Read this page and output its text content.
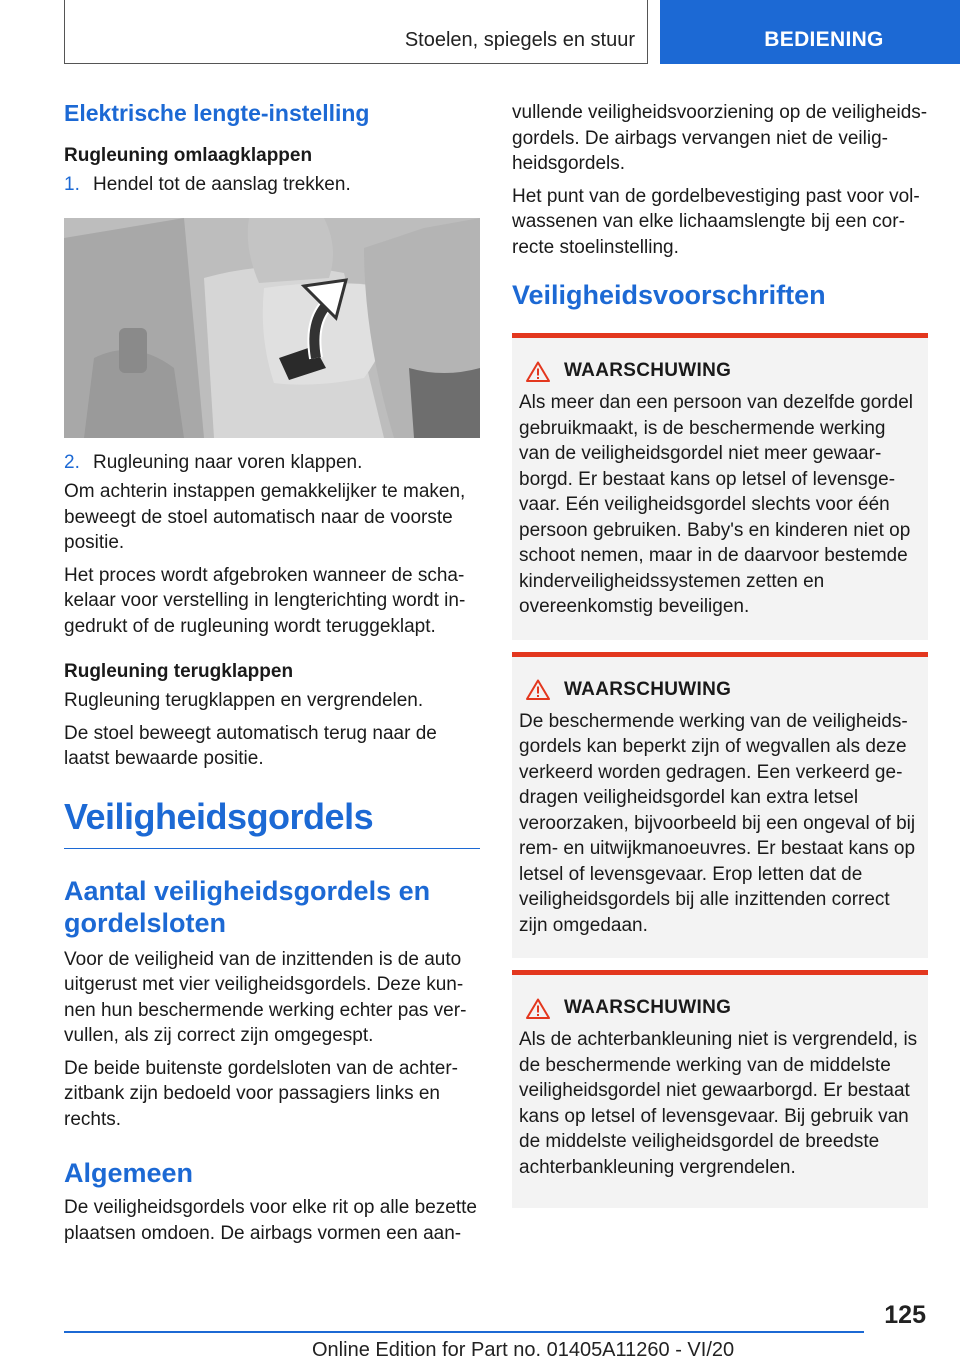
Stoelen, spiegels en stuur	BEDIENING
Elektrische lengte-instelling
Rugleuning omlaagklappen
1. Hendel tot de aanslag trekken.
2. Rugleuning naar voren klappen.

Om achterin instappen gemakkelijker te maken, beweegt de stoel automatisch naar de voorste positie.

Het proces wordt afgebroken wanneer de schakelaar voor verstelling in lengterichting wordt ingedrukt of de rugleuning wordt teruggeklapt.

Rugleuning terugklappen

Rugleuning terugklappen en vergrendelen.

De stoel beweegt automatisch terug naar de laatst bewaarde positie.

Veiligheidsgordels
Aantal veiligheidsgordels en gordelsloten

Voor de veiligheid van de inzittenden is de auto uitgerust met vier veiligheidsgordels. Deze kunnen hun beschermende werking echter pas vervullen, als zij correct zijn omgegespt.

De beide buitenste gordelsloten van de achterzitbank zijn bedoeld voor passagiers links en rechts.

Algemeen

De veiligheidsgordels voor elke rit op alle bezette plaatsen omdoen. De airbags vormen een aan-

vullende veiligheidsvoorziening op de veiligheidsgordels. De airbags vervangen niet de veiligheidsgordels.

Het punt van de gordelbevestiging past voor volwassenen van elke lichaamslengte bij een correcte stoelinstelling.

Veiligheidsvoorschriften
WAARSCHUWING

Als meer dan een persoon van dezelfde gordel gebruikmaakt, is de beschermende werking van de veiligheidsgordel niet meer gewaarborgd. Er bestaat kans op letsel of levensgevaar. Eén veiligheidsgordel slechts voor één persoon gebruiken. Baby's en kinderen niet op schoot nemen, maar in de daarvoor bestemde kinderveiligheidssystemen zetten en overeenkomstig beveiligen.

WAARSCHUWING

De beschermende werking van de veiligheidsgordels kan beperkt zijn of wegvallen als deze verkeerd worden gedragen. Een verkeerd gedragen veiligheidsgordel kan extra letsel veroorzaken, bijvoorbeeld bij een ongeval of bij rem- en uitwijkmanoeuvres. Er bestaat kans op letsel of levensgevaar. Erop letten dat de veiligheidsgordels bij alle inzittenden correct zijn omgedaan.

WAARSCHUWING

Als de achterbankleuning niet is vergrendeld, is de beschermende werking van de middelste veiligheidsgordel niet gewaarborgd. Er bestaat kans op letsel of levensgevaar. Bij gebruik van de middelste veiligheidsgordel de breedste achterbankleuning vergrendelen.

125
Online Edition for Part no. 01405A11260 - VI/20
